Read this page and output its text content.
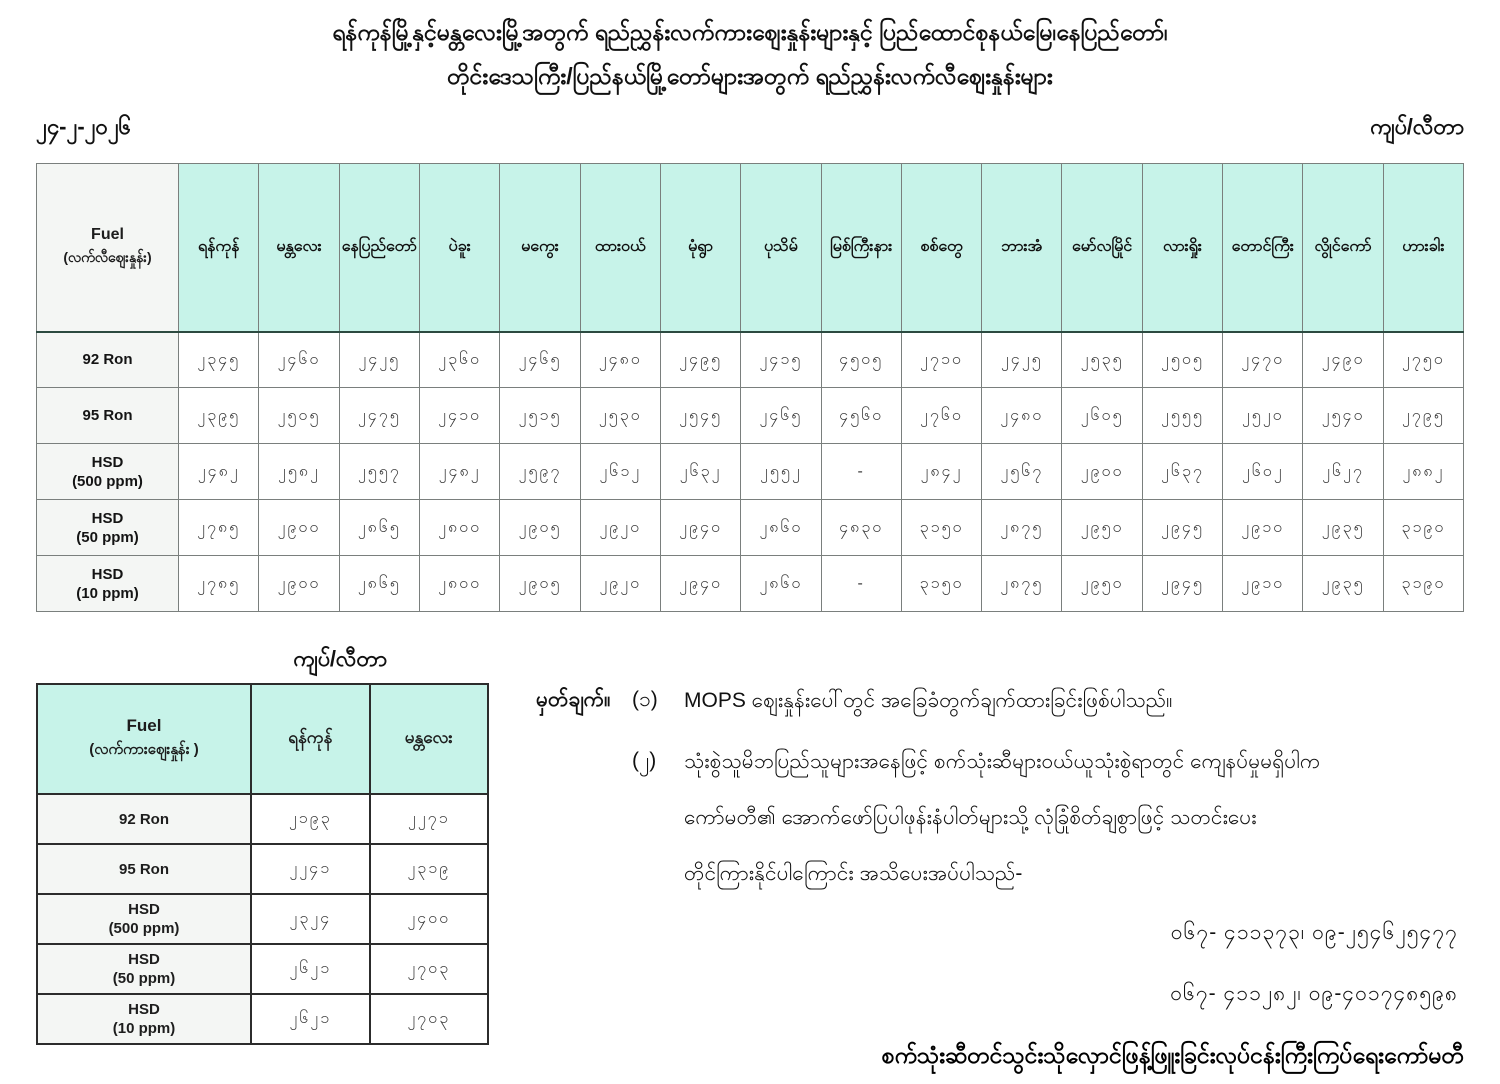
ရန်ကုန်မြို့နှင့်မန္တလေးမြို့အတွက် ရည်ညွှန်းလက်ကားဈေးနှုန်းများနှင့် ပြည်ထောင်စုနယ်မြေ၊နေပြည်တော်၊
တိုင်းဒေသကြီး/ပြည်နယ်မြို့တော်များအတွက် ရည်ညွှန်းလက်လီဈေးနှုန်းများ
၂၄-၂-၂၀၂၆	ကျပ်/လီတာ
Fuel
(လက်လီဈေးနှုန်း)	ရန်ကုန်	မန္တလေး	နေပြည်တော်	ပဲခူး	မကွေး	ထားဝယ်	မုံရွာ	ပုသိမ်	မြစ်ကြီးနား	စစ်တွေ	ဘားအံ	မော်လမြိုင်	လားရှိုး	တောင်ကြီး	လွိုင်ကော်	ဟားခါး

92 Ron	၂၃၄၅	၂၄၆၀	၂၄၂၅	၂၃၆၀	၂၄၆၅	၂၄၈၀	၂၄၉၅	၂၄၁၅	၄၅၀၅	၂၇၁၀	၂၄၂၅	၂၅၃၅	၂၅၀၅	၂၄၇၀	၂၄၉၀	၂၇၅၀

95 Ron	၂၃၉၅	၂၅၀၅	၂၄၇၅	၂၄၁၀	၂၅၁၅	၂၅၃၀	၂၅၄၅	၂၄၆၅	၄၅၆၀	၂၇၆၀	၂၄၈၀	၂၆၀၅	၂၅၅၅	၂၅၂၀	၂၅၄၀	၂၇၉၅

HSD
(500 ppm)	၂၄၈၂	၂၅၈၂	၂၅၅၇	၂၄၈၂	၂၅၉၇	၂၆၁၂	၂၆၃၂	၂၅၅၂	-	၂၈၄၂	၂၅၆၇	၂၉၀၀	၂၆၃၇	၂၆၀၂	၂၆၂၇	၂၈၈၂

HSD
(50 ppm)	၂၇၈၅	၂၉၀၀	၂၈၆၅	၂၈၀၀	၂၉၀၅	၂၉၂၀	၂၉၄၀	၂၈၆၀	၄၈၃၀	၃၁၅၀	၂၈၇၅	၂၉၅၀	၂၉၄၅	၂၉၁၀	၂၉၃၅	၃၁၉၀

HSD
(10 ppm)	၂၇၈၅	၂၉၀၀	၂၈၆၅	၂၈၀၀	၂၉၀၅	၂၉၂၀	၂၉၄၀	၂၈၆၀	-	၃၁၅၀	၂၈၇၅	၂၉၅၀	၂၉၄၅	၂၉၁၀	၂၉၃၅	၃၁၉၀
ကျပ်/လီတာ
Fuel
(လက်ကားဈေးနှုန်း )	ရန်ကုန်	မန္တလေး

92 Ron	၂၁၉၃	၂၂၇၁

95 Ron	၂၂၄၁	၂၃၁၉

HSD
(500 ppm)	၂၃၂၄	၂၄၀၀

HSD
(50 ppm)	၂၆၂၁	၂၇၀၃

HSD
(10 ppm)	၂၆၂၁	၂၇၀၃
မှတ်ချက်။	(၁)	MOPS ဈေးနှုန်းပေါ်တွင် အခြေခံတွက်ချက်ထားခြင်းဖြစ်ပါသည်။

(၂)	သုံးစွဲသူမိဘပြည်သူများအနေဖြင့် စက်သုံးဆီများဝယ်ယူသုံးစွဲရာတွင် ကျေနပ်မှုမရှိပါက

ကော်မတီ၏ အောက်ဖော်ပြပါဖုန်းနံပါတ်များသို့ လုံခြုံစိတ်ချစွာဖြင့် သတင်းပေး

တိုင်ကြားနိုင်ပါကြောင်း အသိပေးအပ်ပါသည်-

၀၆၇- ၄၁၁၃၇၃၊ ၀၉-၂၅၄၆၂၅၄၇၇
၀၆၇- ၄၁၁၂၈၂၊ ၀၉-၄၀၁၇၄၈၅၉၈
စက်သုံးဆီတင်သွင်းသိုလှောင်ဖြန့်ဖြူးခြင်းလုပ်ငန်းကြီးကြပ်ရေးကော်မတီ
